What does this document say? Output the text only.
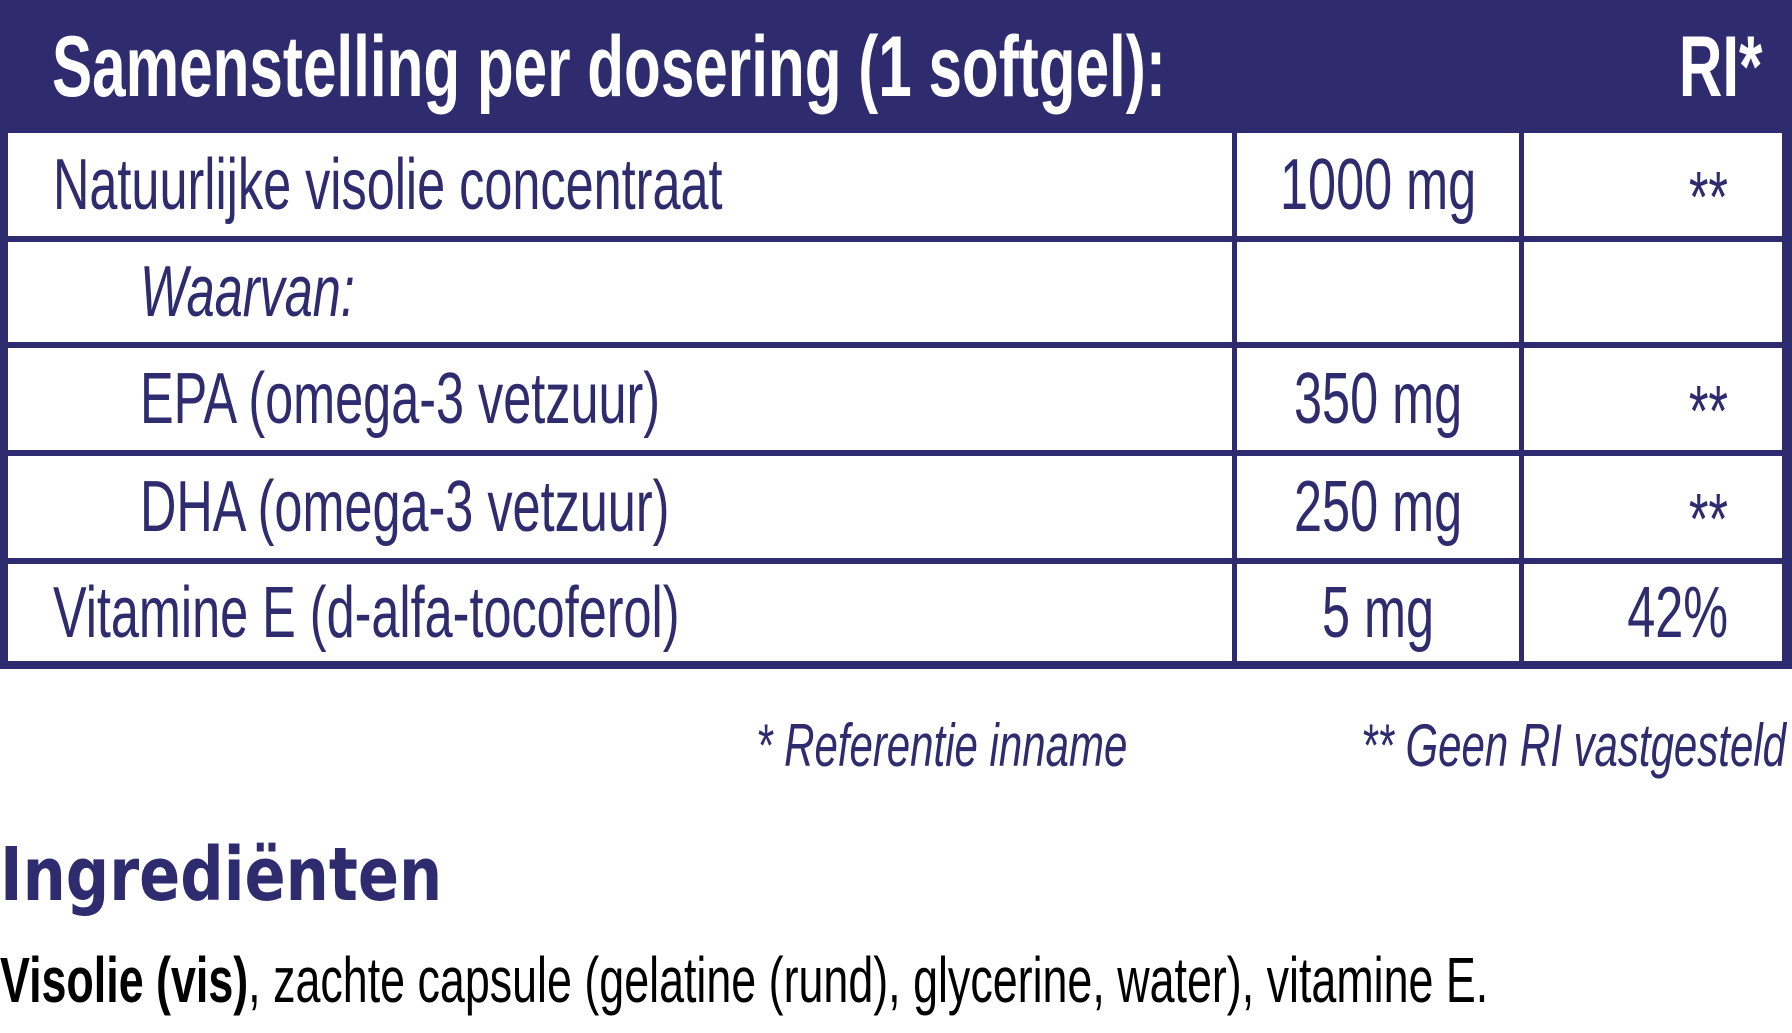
Samenstelling per dosering (1 softgel):	RI*
Natuurlijke visolie concentraat	1000 mg	**
Waarvan:
EPA (omega-3 vetzuur)	350 mg	**
DHA (omega-3 vetzuur)	250 mg	**
Vitamine E (d-alfa-tocoferol)	5 mg	42%
* Referentie inname	** Geen RI vastgesteld
Ingrediënten
Visolie (vis), zachte capsule (gelatine (rund), glycerine, water), vitamine E.
